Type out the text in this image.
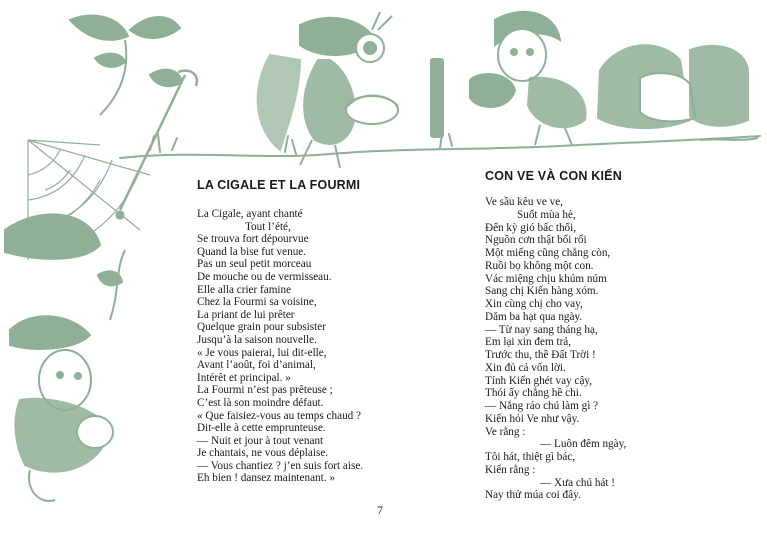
LA CIGALE ET LA FOURMI
La Cigale, ayant chanté
Tout l’été,
Se trouva fort dépourvue
Quand la bise fut venue.
Pas un seul petit morceau
De mouche ou de vermisseau.
Elle alla crier famine
Chez la Fourmi sa voisine,
La priant de lui prêter
Quelque grain pour subsister
Jusqu’à la saison nouvelle.
« Je vous paierai, lui dit-elle,
Avant l’août, foi d’animal,
Intérêt et principal. »
La Fourmi n’est pas prêteuse ;
C’est là son moindre défaut.
« Que faisiez-vous au temps chaud ?
Dit-elle à cette emprunteuse.
— Nuit et jour à tout venant
Je chantais, ne vous déplaise.
— Vous chantiez ? j’en suis fort aise.
Eh bien ! dansez maintenant. »
CON VE VÀ CON KIẾN
Ve sầu kêu ve ve,
Suốt mùa hè,
Đến kỳ gió bấc thổi,
Nguồn cơn thật bối rối
Một miếng cũng chẳng còn,
Ruồi bọ không một con.
Vác miệng chịu khúm núm
Sang chị Kiến hàng xóm.
Xin cùng chị cho vay,
Dăm ba hạt qua ngày.
— Từ nay sang tháng hạ,
Em lại xin đem trả,
Trước thu, thề Đất Trời !
Xin đủ cả vốn lời.
Tính Kiến ghét vay cậy,
Thói ấy chẳng hề chi.
— Nắng ráo chú làm gì ?
Kiến hỏi Ve như vậy.
Ve rằng :
— Luôn đêm ngày,
Tôi hát, thiệt gì bác,
Kiến rằng :
— Xưa chú hát !
Nay thử múa coi đây.
7
